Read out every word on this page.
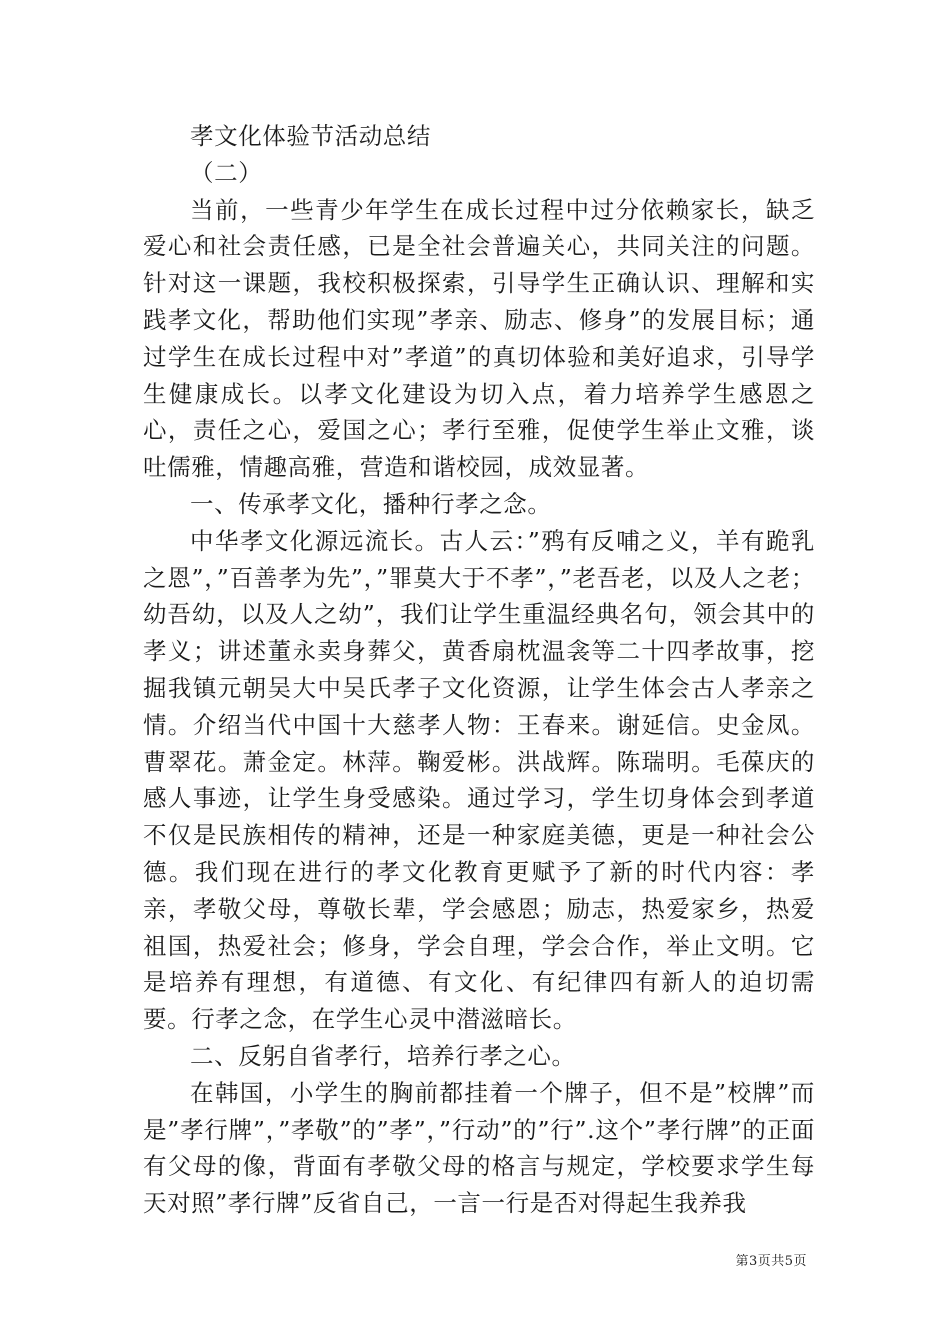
孝文化体验节活动总结

（二）

当前，一些青少年学生在成长过程中过分依赖家长，缺乏爱心和社会责任感，已是全社会普遍关心，共同关注的问题。针对这一课题，我校积极探索，引导学生正确认识、理解和实践孝文化，帮助他们实现”孝亲、励志、修身”的发展目标；通过学生在成长过程中对”孝道”的真切体验和美好追求，引导学生健康成长。以孝文化建设为切入点，着力培养学生感恩之心，责任之心，爱国之心；孝行至雅，促使学生举止文雅，谈吐儒雅，情趣高雅，营造和谐校园，成效显著。

一、传承孝文化，播种行孝之念。

中华孝文化源远流长。古人云：”鸦有反哺之义，羊有跪乳之恩”，”百善孝为先”，”罪莫大于不孝”，”老吾老，以及人之老；幼吾幼，以及人之幼”，我们让学生重温经典名句，领会其中的孝义；讲述董永卖身葬父，黄香扇枕温衾等二十四孝故事，挖掘我镇元朝吴大中吴氏孝子文化资源，让学生体会古人孝亲之情。介绍当代中国十大慈孝人物：王春来。谢延信。史金凤。曹翠花。萧金定。林萍。鞠爱彬。洪战辉。陈瑞明。毛葆庆的感人事迹，让学生身受感染。通过学习，学生切身体会到孝道不仅是民族相传的精神，还是一种家庭美德，更是一种社会公德。我们现在进行的孝文化教育更赋予了新的时代内容：孝亲，孝敬父母，尊敬长辈，学会感恩；励志，热爱家乡，热爱祖国，热爱社会；修身，学会自理，学会合作，举止文明。它是培养有理想，有道德、有文化、有纪律四有新人的迫切需要。行孝之念，在学生心灵中潜滋暗长。

二、反躬自省孝行，培养行孝之心。

在韩国，小学生的胸前都挂着一个牌子，但不是”校牌”而是”孝行牌”，”孝敬”的”孝”，”行动”的”行”.这个”孝行牌”的正面有父母的像，背面有孝敬父母的格言与规定，学校要求学生每天对照”孝行牌”反省自己，一言一行是否对得起生我养我

第3页共5页
